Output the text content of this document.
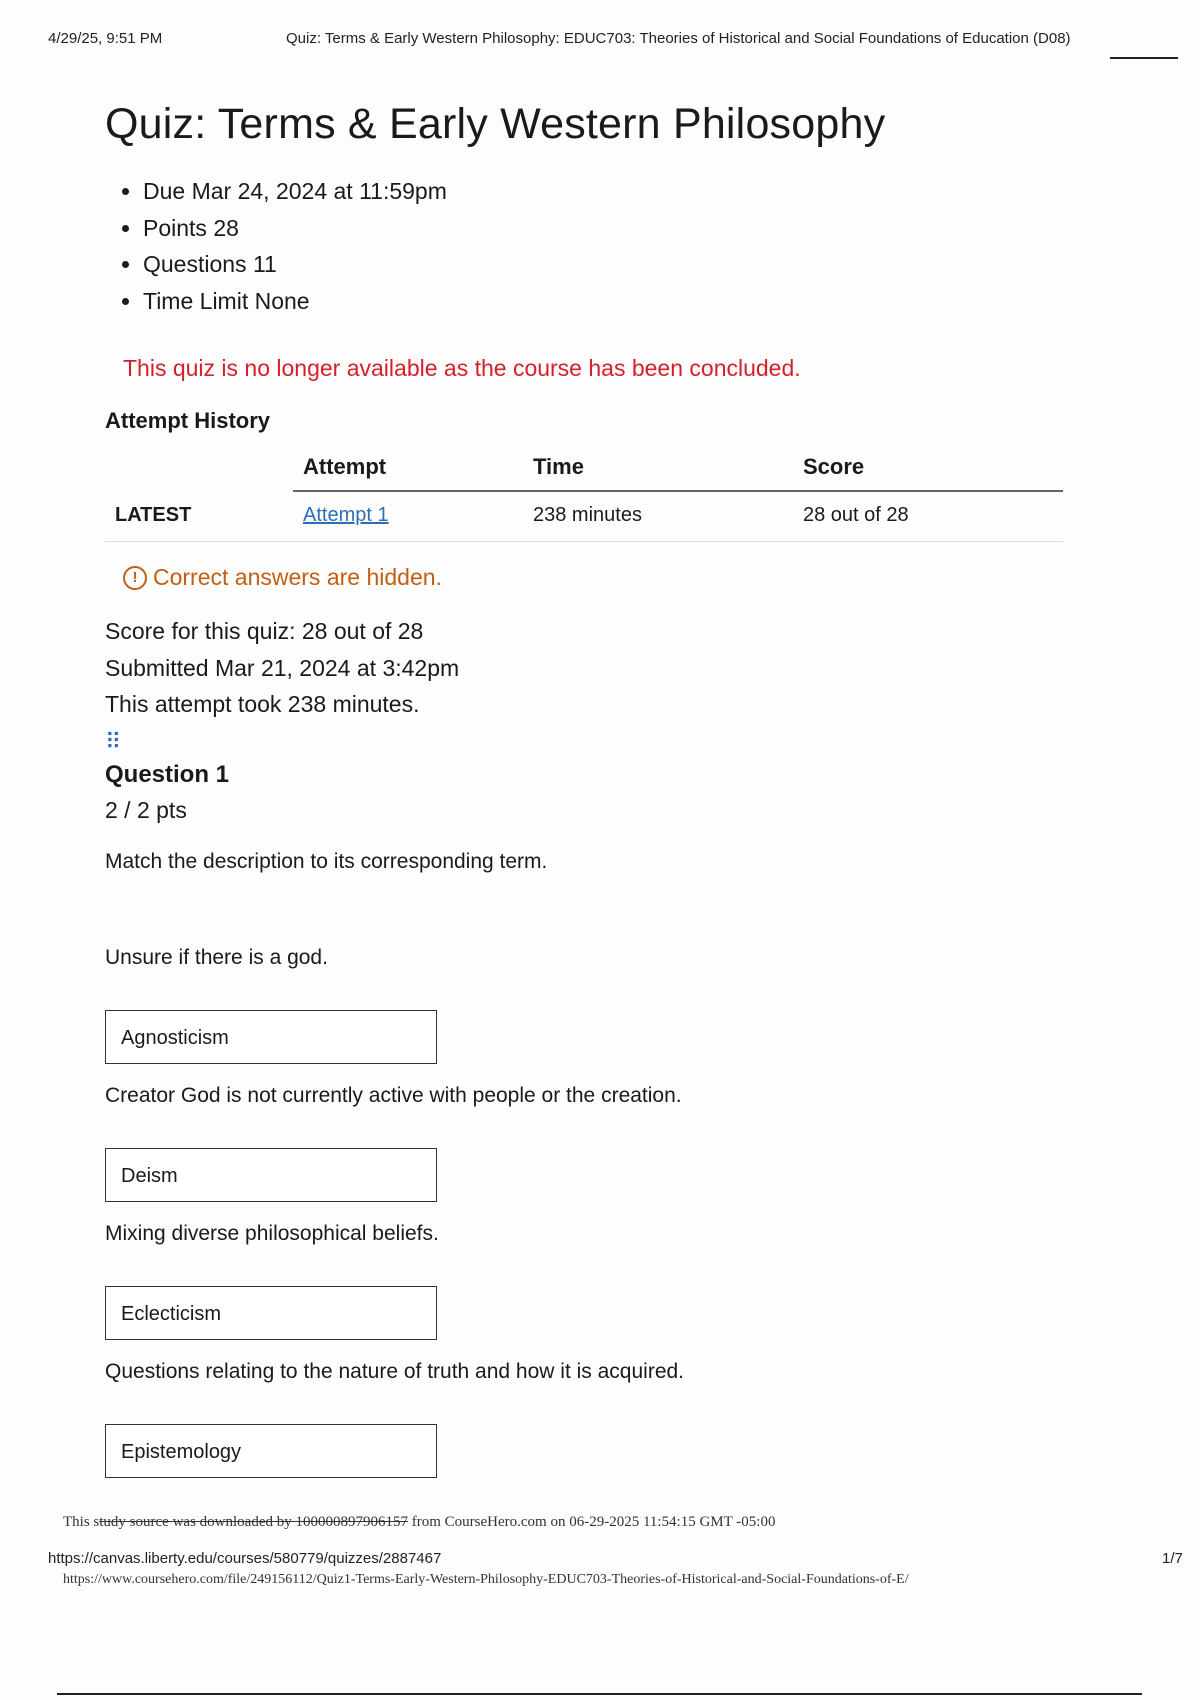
4/29/25, 9:51 PM	Quiz: Terms & Early Western Philosophy: EDUC703: Theories of Historical and Social Foundations of Education (D08)
Quiz: Terms & Early Western Philosophy
• Due Mar 24, 2024 at 11:59pm
• Points 28
• Questions 11
• Time Limit None
This quiz is no longer available as the course has been concluded.
Attempt History
	Attempt	Time	Score
LATEST	Attempt 1	238 minutes	28 out of 28
! Correct answers are hidden.
Score for this quiz: 28 out of 28
Submitted Mar 21, 2024 at 3:42pm
This attempt took 238 minutes.
⠿
Question 1
2 / 2 pts
Match the description to its corresponding term.
Unsure if there is a god.
Agnosticism
Creator God is not currently active with people or the creation.
Deism
Mixing diverse philosophical beliefs.
Eclecticism
Questions relating to the nature of truth and how it is acquired.
Epistemology
This study source was downloaded by 100000897906157 from CourseHero.com on 06-29-2025 11:54:15 GMT -05:00
https://canvas.liberty.edu/courses/580779/quizzes/2887467	1/7
https://www.coursehero.com/file/249156112/Quiz1-Terms-Early-Western-Philosophy-EDUC703-Theories-of-Historical-and-Social-Foundations-of-E/
